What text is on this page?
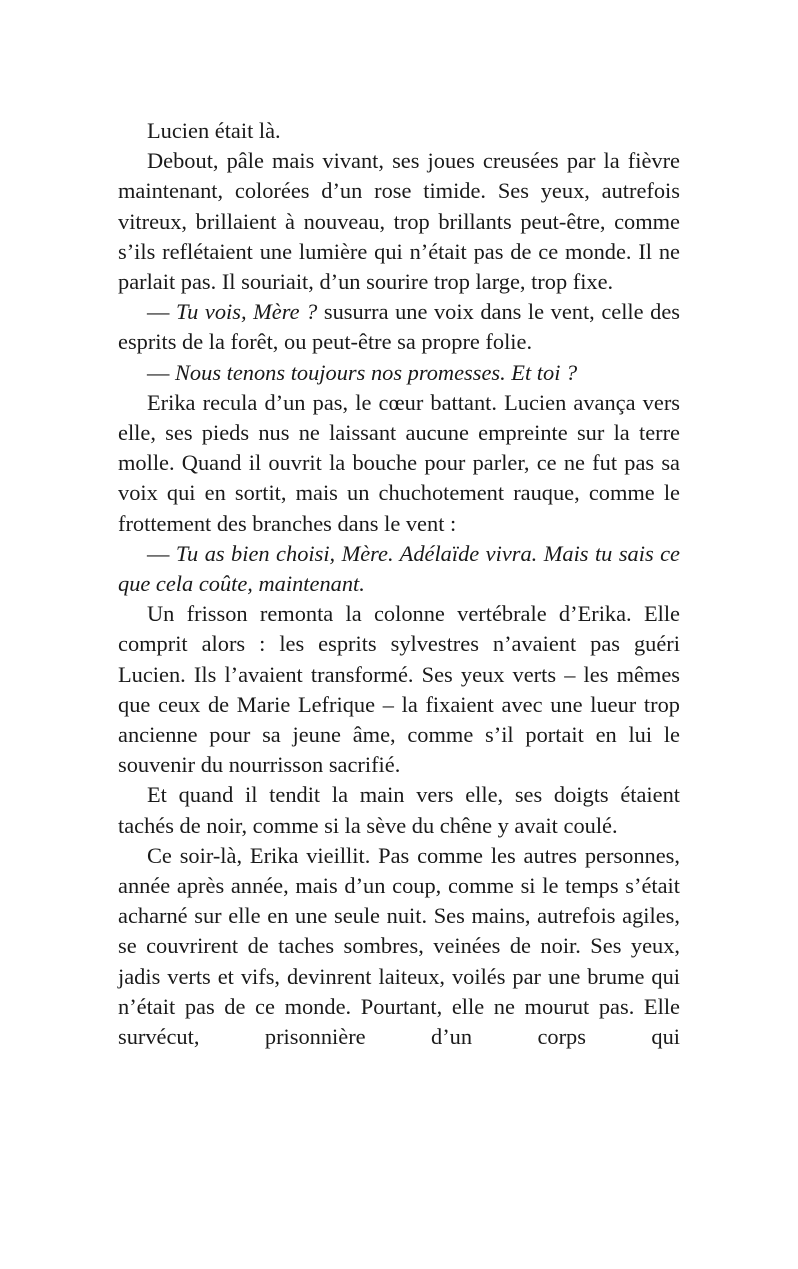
Lucien était là.

Debout, pâle mais vivant, ses joues creusées par la fièvre maintenant, colorées d’un rose timide. Ses yeux, autrefois vitreux, brillaient à nouveau, trop brillants peut-être, comme s’ils reflétaient une lumière qui n’était pas de ce monde. Il ne parlait pas. Il souriait, d’un sourire trop large, trop fixe.

— Tu vois, Mère ? susurra une voix dans le vent, celle des esprits de la forêt, ou peut-être sa propre folie.

— Nous tenons toujours nos promesses. Et toi ?

Erika recula d’un pas, le cœur battant. Lucien avança vers elle, ses pieds nus ne laissant aucune empreinte sur la terre molle. Quand il ouvrit la bouche pour parler, ce ne fut pas sa voix qui en sortit, mais un chuchotement rauque, comme le frottement des branches dans le vent :

— Tu as bien choisi, Mère. Adélaïde vivra. Mais tu sais ce que cela coûte, maintenant.

Un frisson remonta la colonne vertébrale d’Erika. Elle comprit alors : les esprits sylvestres n’avaient pas guéri Lucien. Ils l’avaient transformé. Ses yeux verts – les mêmes que ceux de Marie Lefrique – la fixaient avec une lueur trop ancienne pour sa jeune âme, comme s’il portait en lui le souvenir du nourrisson sacrifié.

Et quand il tendit la main vers elle, ses doigts étaient tachés de noir, comme si la sève du chêne y avait coulé.

Ce soir-là, Erika vieillit. Pas comme les autres personnes, année après année, mais d’un coup, comme si le temps s’était acharné sur elle en une seule nuit. Ses mains, autrefois agiles, se couvrirent de taches sombres, veinées de noir. Ses yeux, jadis verts et vifs, devinrent laiteux, voilés par une brume qui n’était pas de ce monde. Pourtant, elle ne mourut pas. Elle survécut, prisonnière d’un corps qui
